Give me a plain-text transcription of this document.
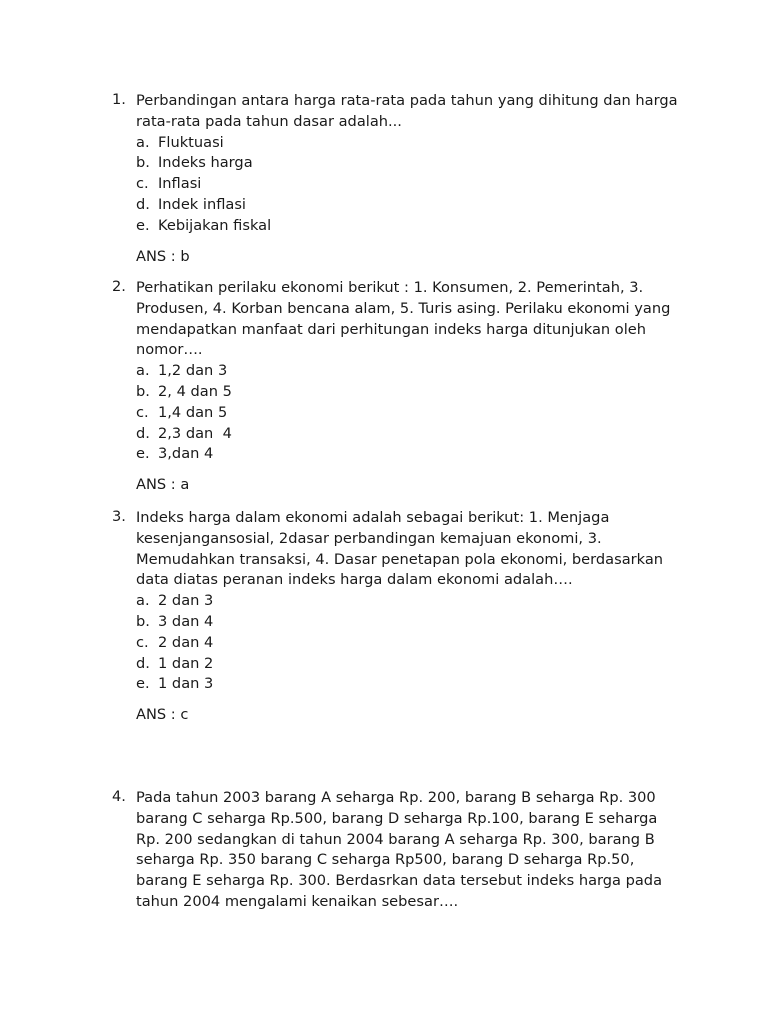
1. Perbandingan antara harga rata-rata pada tahun yang dihitung dan harga rata-rata pada tahun dasar adalah...
a. Fluktuasi
b. Indeks harga
c. Inflasi
d. Indek inflasi
e. Kebijakan fiskal
ANS : b
2. Perhatikan perilaku ekonomi berikut : 1. Konsumen, 2. Pemerintah, 3. Produsen, 4. Korban bencana alam, 5. Turis asing. Perilaku ekonomi yang mendapatkan manfaat dari perhitungan indeks harga ditunjukan oleh nomor….
a. 1,2 dan 3
b. 2, 4 dan 5
c. 1,4 dan 5
d. 2,3 dan  4
e. 3,dan 4
ANS : a
3. Indeks harga dalam ekonomi adalah sebagai berikut: 1. Menjaga kesenjangansosial, 2dasar perbandingan kemajuan ekonomi, 3. Memudahkan transaksi, 4. Dasar penetapan pola ekonomi, berdasarkan data diatas peranan indeks harga dalam ekonomi adalah….
a. 2 dan 3
b. 3 dan 4
c. 2 dan 4
d. 1 dan 2
e. 1 dan 3
ANS : c
4. Pada tahun 2003 barang A seharga Rp. 200, barang B seharga Rp. 300 barang C seharga Rp.500, barang D seharga Rp.100, barang E seharga Rp. 200 sedangkan di tahun 2004 barang A seharga Rp. 300, barang B seharga Rp. 350 barang C seharga Rp500, barang D seharga Rp.50, barang E seharga Rp. 300. Berdasrkan data tersebut indeks harga pada tahun 2004 mengalami kenaikan sebesar….
